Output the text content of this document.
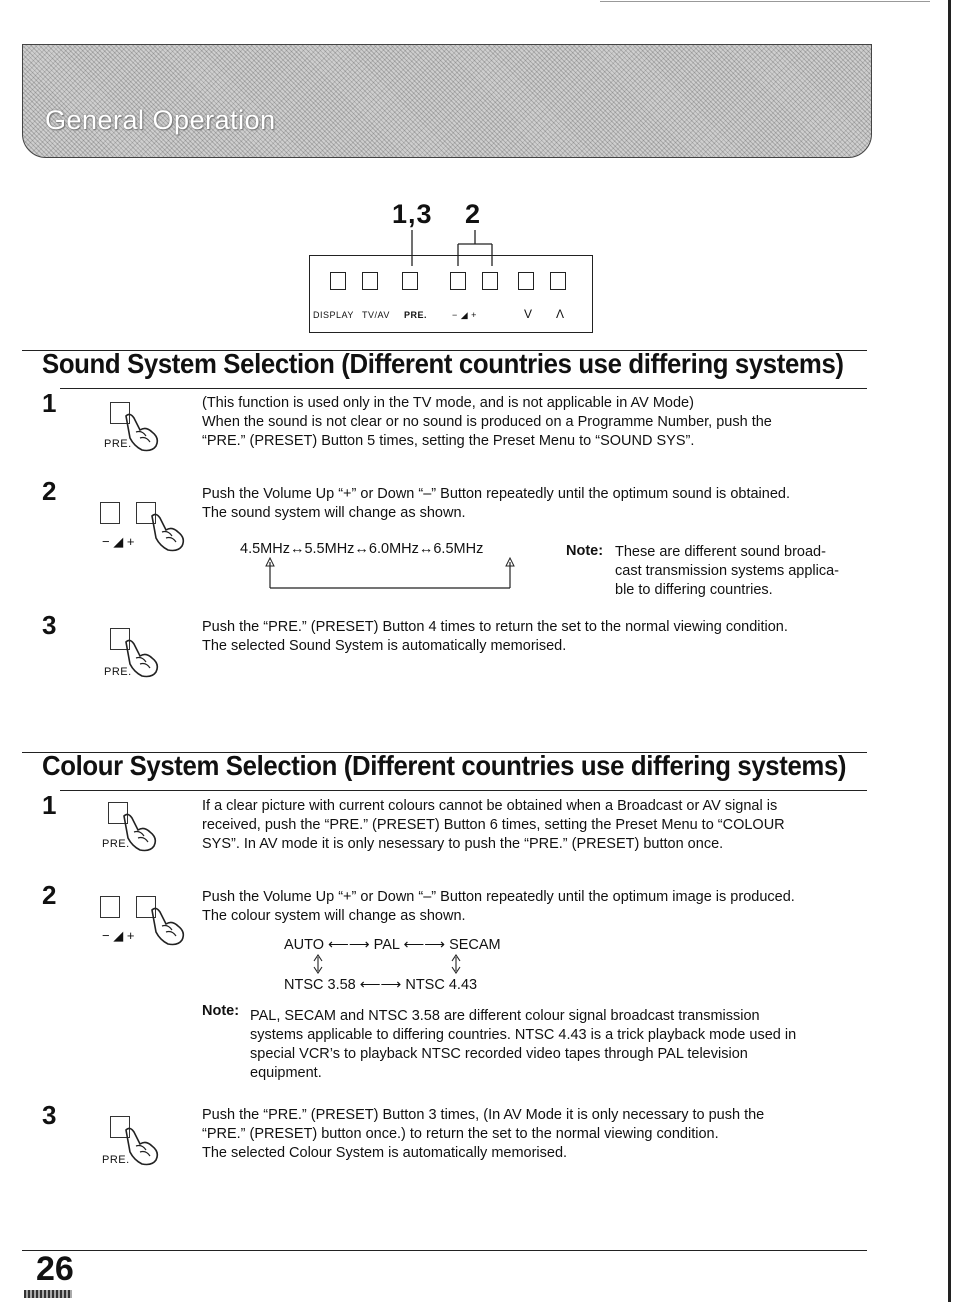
General Operation
1,3 2
DISPLAY TV/AV PRE.	− ◢ +	V Λ
Sound System Selection (Different countries use differing systems)
1
PRE.
(This function is used only in the TV mode, and is not applicable in AV Mode)
When the sound is not clear or no sound is produced on a Programme Number, push the
“PRE.” (PRESET) Button 5 times, setting the Preset Menu to “SOUND SYS”.
2
− ◢ +
Push the Volume Up “+” or Down “–” Button repeatedly until the optimum sound is obtained.
The sound system will change as shown.
4.5MHz↔5.5MHz↔6.0MHz↔6.5MHz	Note: These are different sound broad-
cast transmission systems applica-
ble to differing countries.
3
PRE.
Push the “PRE.” (PRESET) Button 4 times to return the set to the normal viewing condition.
The selected Sound System is automatically memorised.
Colour System Selection (Different countries use differing systems)
1
PRE.
If a clear picture with current colours cannot be obtained when a Broadcast or AV signal is
received, push the “PRE.” (PRESET) Button 6 times, setting the Preset Menu to “COLOUR
SYS”. In AV mode it is only nesessary to push the “PRE.” (PRESET) button once.
2
− ◢ +
Push the Volume Up “+” or Down “–” Button repeatedly until the optimum image is produced.
The colour system will change as shown.
AUTO ⟵⟶ PAL ⟵⟶ SECAM
NTSC 3.58 ⟵⟶ NTSC 4.43
Note: PAL, SECAM and NTSC 3.58 are different colour signal broadcast transmission
systems applicable to differing countries. NTSC 4.43 is a trick playback mode used in
special VCR’s to playback NTSC recorded video tapes through PAL television
equipment.
3
PRE.
Push the “PRE.” (PRESET) Button 3 times, (In AV Mode it is only necessary to push the
“PRE.” (PRESET) button once.) to return the set to the normal viewing condition.
The selected Colour System is automatically memorised.
26
